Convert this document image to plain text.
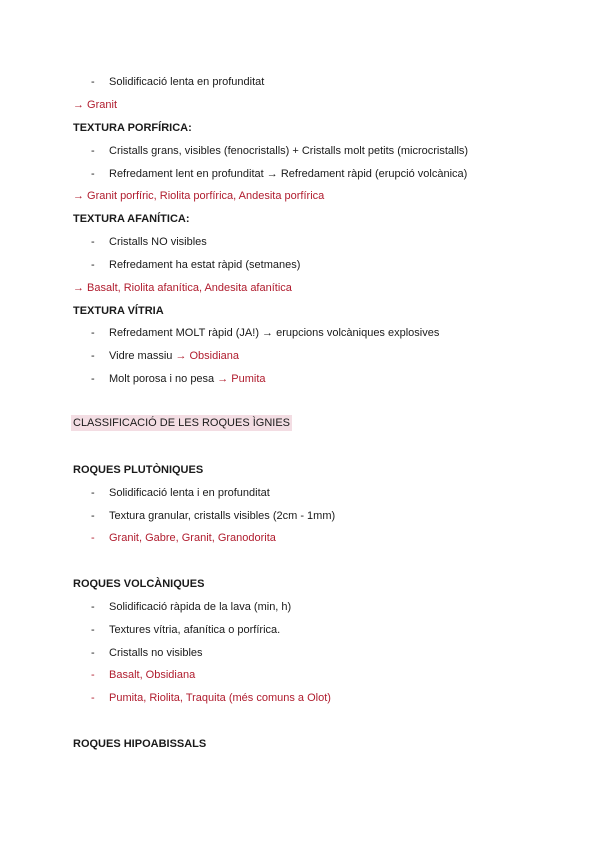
-	Solidificació lenta en profunditat
→ Granit
TEXTURA PORFÍRICA:
-	Cristalls grans, visibles (fenocristalls) + Cristalls molt petits (microcristalls)
-	Refredament lent en profunditat → Refredament ràpid (erupció volcànica)
→ Granit porfíric, Riolita porfírica, Andesita porfírica
TEXTURA AFANÍTICA:
-	Cristalls NO visibles
-	Refredament ha estat ràpid (setmanes)
→ Basalt, Riolita afanítica, Andesita afanítica
TEXTURA VÍTRIA
-	Refredament MOLT ràpid (JA!) → erupcions volcàniques explosives
-	Vidre massiu → Obsidiana
-	Molt porosa i no pesa → Pumita
CLASSIFICACIÓ DE LES ROQUES ÌGNIES
ROQUES PLUTÒNIQUES
-	Solidificació lenta i en profunditat
-	Textura granular, cristalls visibles (2cm - 1mm)
-	Granit, Gabre, Granit, Granodorita
ROQUES VOLCÀNIQUES
-	Solidificació ràpida de la lava (min, h)
-	Textures vítria, afanítica o porfírica.
-	Cristalls no visibles
-	Basalt, Obsidiana
-	Pumita, Riolita, Traquita (més comuns a Olot)
ROQUES HIPOABISSALS
